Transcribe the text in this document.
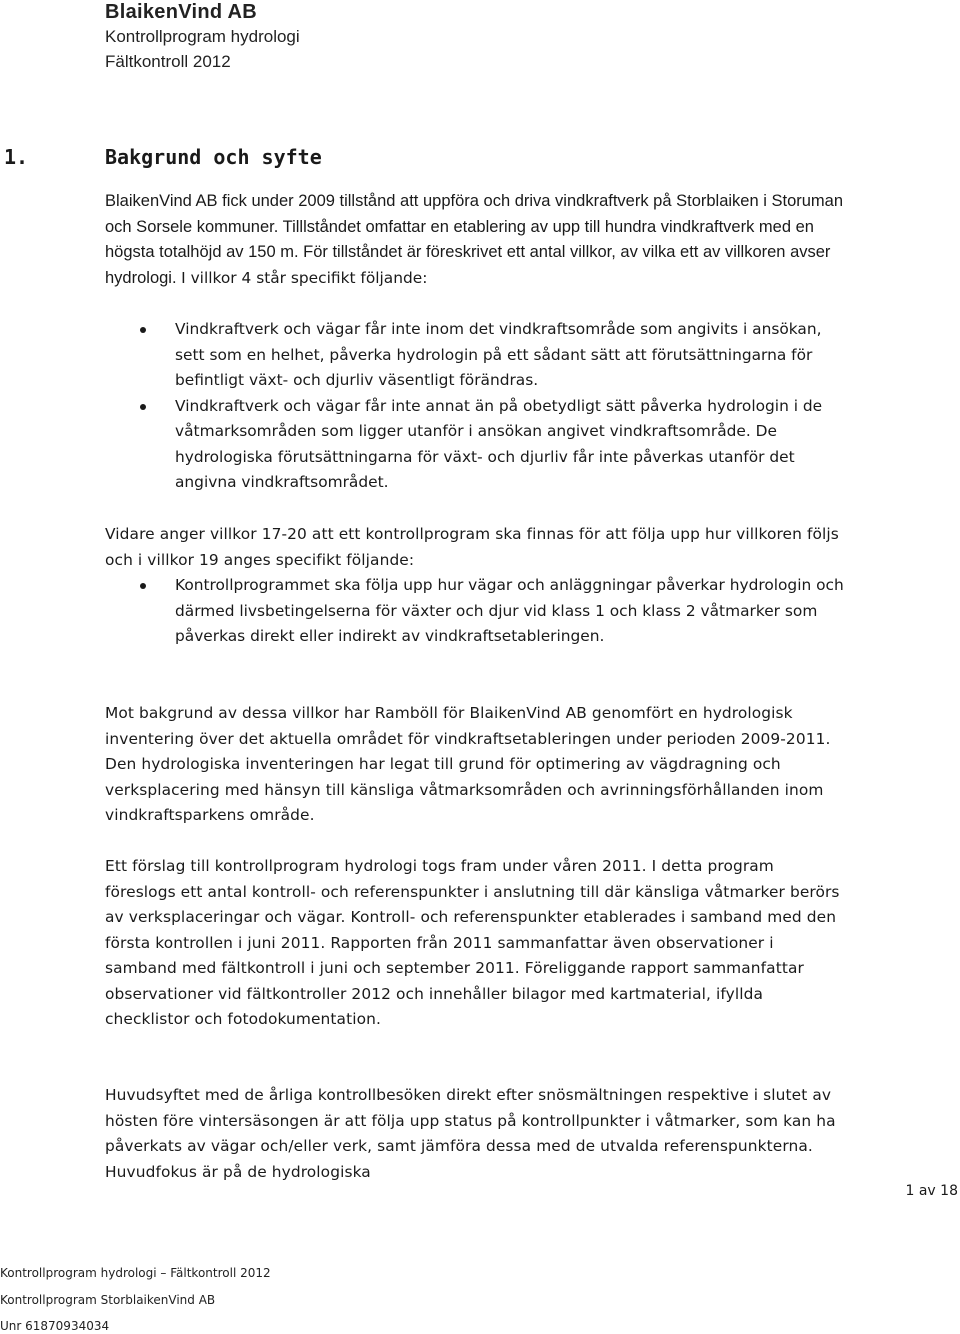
BlaikenVind AB
Kontrollprogram hydrologi
Fältkontroll 2012
1.	Bakgrund och syfte
BlaikenVind AB fick under 2009 tillstånd att uppföra och driva vindkraftverk på Storblaiken i Storuman och Sorsele kommuner. Tilllståndet omfattar en etablering av upp till hundra vindkraftverk med en högsta totalhöjd av 150 m. För tillståndet är föreskrivet ett antal villkor, av vilka ett av villkoren avser hydrologi. I villkor 4 står specifikt följande:
Vindkraftverk och vägar får inte inom det vindkraftsområde som angivits i ansökan, sett som en helhet, påverka hydrologin på ett sådant sätt att förutsättningarna för befintligt växt- och djurliv väsentligt förändras.
Vindkraftverk och vägar får inte annat än på obetydligt sätt påverka hydrologin i de våtmarksområden som ligger utanför i ansökan angivet vindkraftsområde. De hydrologiska förutsättningarna för växt- och djurliv får inte påverkas utanför det angivna vindkraftsområdet.
Vidare anger villkor 17-20 att ett kontrollprogram ska finnas för att följa upp hur villkoren följs och i villkor 19 anges specifikt följande:
Kontrollprogrammet ska följa upp hur vägar och anläggningar påverkar hydrologin och därmed livsbetingelserna för växter och djur vid klass 1 och klass 2 våtmarker som påverkas direkt eller indirekt av vindkraftsetableringen.
Mot bakgrund av dessa villkor har Ramböll för BlaikenVind AB genomfört en hydrologisk inventering över det aktuella området för vindkraftsetableringen under perioden 2009-2011. Den hydrologiska inventeringen har legat till grund för optimering av vägdragning och verksplacering med hänsyn till känsliga våtmarksområden och avrinningsförhållanden inom vindkraftsparkens område.
Ett förslag till kontrollprogram hydrologi togs fram under våren 2011. I detta program föreslogs ett antal kontroll- och referenspunkter i anslutning till där känsliga våtmarker berörs av verksplaceringar och vägar. Kontroll- och referenspunkter etablerades i samband med den första kontrollen i juni 2011. Rapporten från 2011 sammanfattar även observationer i samband med fältkontroll i juni och september 2011. Föreliggande rapport sammanfattar observationer vid fältkontroller 2012 och innehåller bilagor med kartmaterial, ifyllda checklistor och fotodokumentation.
Huvudsyftet med de årliga kontrollbesöken direkt efter snösmältningen respektive i slutet av hösten före vintersäsongen är att följa upp status på kontrollpunkter i våtmarker, som kan ha påverkats av vägar och/eller verk, samt jämföra dessa med de utvalda referenspunkterna. Huvudfokus är på de hydrologiska
1 av 18
Kontrollprogram hydrologi – Fältkontroll 2012
Kontrollprogram StorblaikenVind AB
Unr 61870934034
